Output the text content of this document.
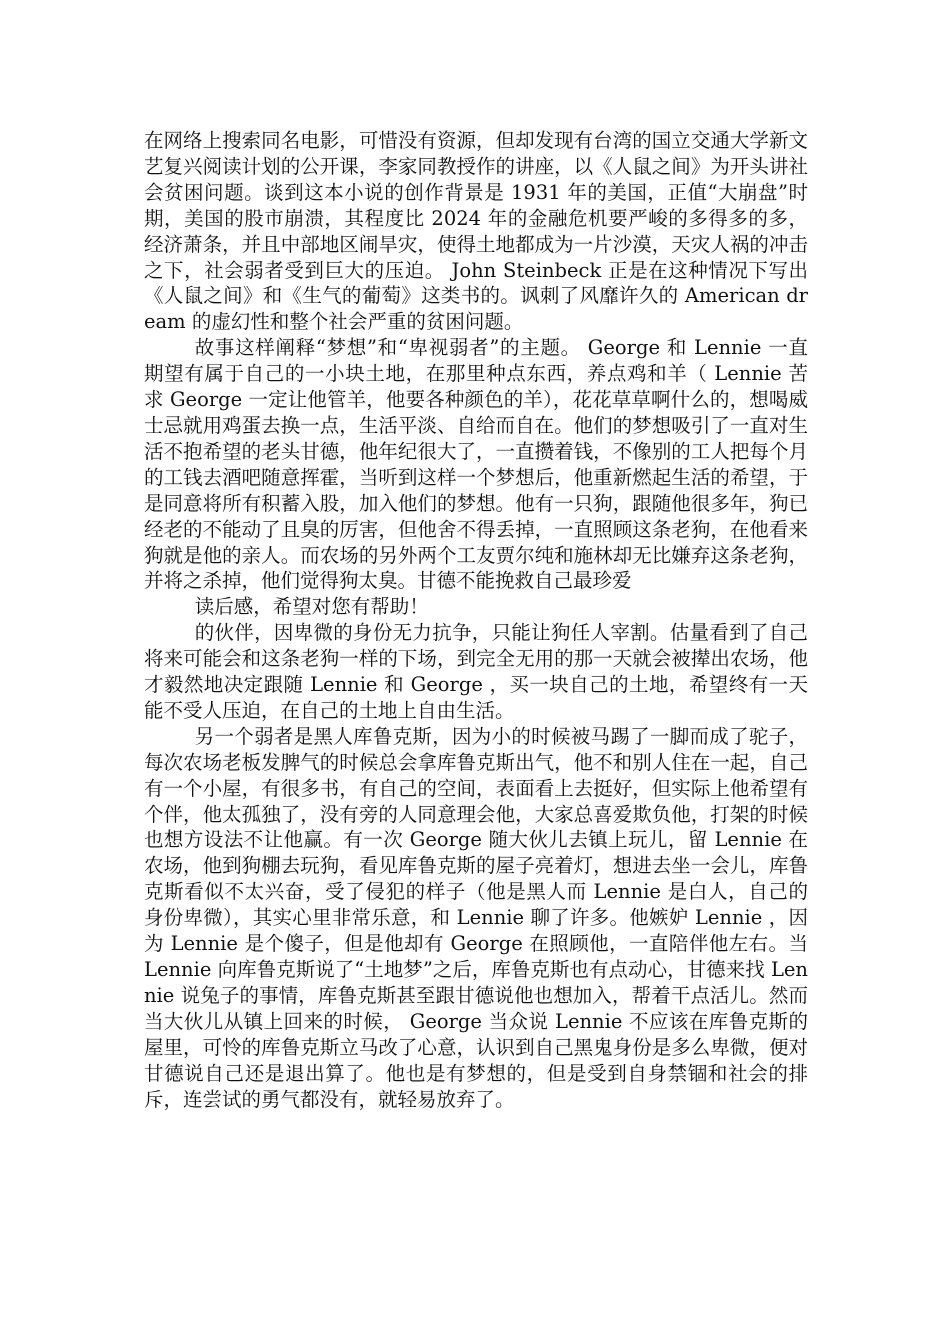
在网络上搜索同名电影，可惜没有资源，但却发现有台湾的国立交通大学新文艺复兴阅读计划的公开课，李家同教授作的讲座，以《人鼠之间》为开头讲社会贫困问题。谈到这本小说的创作背景是 1931 年的美国，正值“大崩盘”时期，美国的股市崩溃，其程度比 2024 年的金融危机要严峻的多得多的多，经济萧条，并且中部地区闹旱灾，使得土地都成为一片沙漠，天灾人祸的冲击之下，社会弱者受到巨大的压迫。 John Steinbeck 正是在这种情况下写出《人鼠之间》和《生气的葡萄》这类书的。讽刺了风靡许久的 American dream 的虚幻性和整个社会严重的贫困问题。

故事这样阐释“梦想”和“卑视弱者”的主题。 George 和 Lennie 一直期望有属于自己的一小块土地，在那里种点东西，养点鸡和羊（ Lennie 苦求 George 一定让他管羊，他要各种颜色的羊），花花草草啊什么的，想喝威士忌就用鸡蛋去换一点，生活平淡、自给而自在。他们的梦想吸引了一直对生活不抱希望的老头甘德，他年纪很大了，一直攒着钱，不像别的工人把每个月的工钱去酒吧随意挥霍，当听到这样一个梦想后，他重新燃起生活的希望，于是同意将所有积蓄入股，加入他们的梦想。他有一只狗，跟随他很多年，狗已经老的不能动了且臭的厉害，但他舍不得丢掉，一直照顾这条老狗，在他看来狗就是他的亲人。而农场的另外两个工友贾尔纯和施林却无比嫌弃这条老狗，并将之杀掉，他们觉得狗太臭。甘德不能挽救自己最珍爱

读后感，希望对您有帮助！

的伙伴，因卑微的身份无力抗争，只能让狗任人宰割。估量看到了自己将来可能会和这条老狗一样的下场，到完全无用的那一天就会被撵出农场，他才毅然地决定跟随 Lennie 和 George ，买一块自己的土地，希望终有一天能不受人压迫，在自己的土地上自由生活。

另一个弱者是黑人库鲁克斯，因为小的时候被马踢了一脚而成了驼子，每次农场老板发脾气的时候总会拿库鲁克斯出气，他不和别人住在一起，自己有一个小屋，有很多书，有自己的空间，表面看上去挺好，但实际上他希望有个伴，他太孤独了，没有旁的人同意理会他，大家总喜爱欺负他，打架的时候也想方设法不让他赢。有一次 George 随大伙儿去镇上玩儿，留 Lennie 在农场，他到狗棚去玩狗，看见库鲁克斯的屋子亮着灯，想进去坐一会儿，库鲁克斯看似不太兴奋，受了侵犯的样子（他是黑人而 Lennie 是白人，自己的身份卑微），其实心里非常乐意，和 Lennie 聊了许多。他嫉妒 Lennie ，因为 Lennie 是个傻子，但是他却有 George 在照顾他，一直陪伴他左右。当 Lennie 向库鲁克斯说了“土地梦”之后，库鲁克斯也有点动心，甘德来找 Lennie 说兔子的事情，库鲁克斯甚至跟甘德说他也想加入，帮着干点活儿。然而当大伙儿从镇上回来的时候， George 当众说 Lennie 不应该在库鲁克斯的屋里，可怜的库鲁克斯立马改了心意，认识到自己黑鬼身份是多么卑微，便对甘德说自己还是退出算了。他也是有梦想的，但是受到自身禁锢和社会的排斥，连尝试的勇气都没有，就轻易放弃了。
